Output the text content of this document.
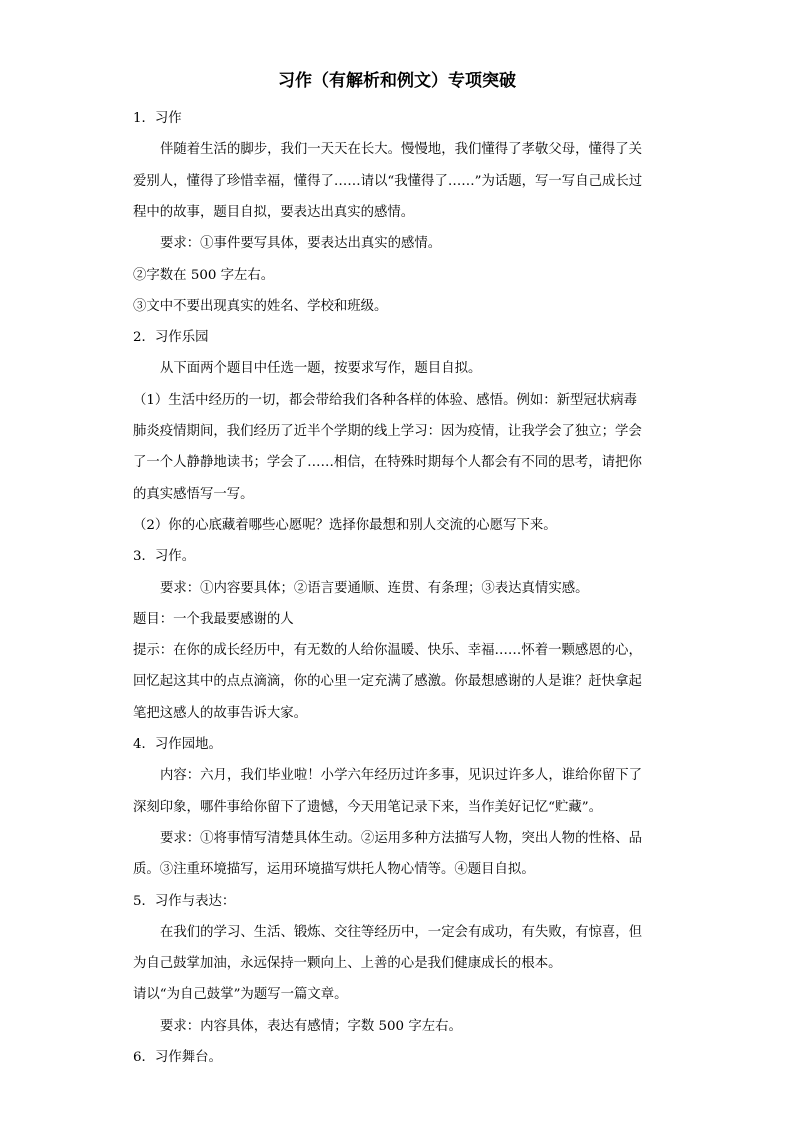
习作（有解析和例文）专项突破
1．习作
伴随着生活的脚步，我们一天天在长大。慢慢地，我们懂得了孝敬父母，懂得了关
爱别人，懂得了珍惜幸福，懂得了……请以“我懂得了……”为话题，写一写自己成长过
程中的故事，题目自拟，要表达出真实的感情。
要求：①事件要写具体，要表达出真实的感情。
②字数在 500 字左右。
③文中不要出现真实的姓名、学校和班级。
2．习作乐园
从下面两个题目中任选一题，按要求写作，题目自拟。
（1）生活中经历的一切，都会带给我们各种各样的体验、感悟。例如：新型冠状病毒
肺炎疫情期间，我们经历了近半个学期的线上学习：因为疫情，让我学会了独立；学会
了一个人静静地读书；学会了……相信，在特殊时期每个人都会有不同的思考，请把你
的真实感悟写一写。
（2）你的心底藏着哪些心愿呢？选择你最想和别人交流的心愿写下来。
3．习作。
要求：①内容要具体；②语言要通顺、连贯、有条理；③表达真情实感。
题目：一个我最要感谢的人
提示：在你的成长经历中，有无数的人给你温暖、快乐、幸福……怀着一颗感恩的心，
回忆起这其中的点点滴滴，你的心里一定充满了感激。你最想感谢的人是谁？赶快拿起
笔把这感人的故事告诉大家。
4．习作园地。
内容：六月，我们毕业啦！小学六年经历过许多事，见识过许多人，谁给你留下了
深刻印象，哪件事给你留下了遗憾，今天用笔记录下来，当作美好记忆“贮藏”。
要求：①将事情写清楚具体生动。②运用多种方法描写人物，突出人物的性格、品
质。③注重环境描写，运用环境描写烘托人物心情等。④题目自拟。
5．习作与表达：
在我们的学习、生活、锻炼、交往等经历中，一定会有成功，有失败，有惊喜，但
为自己鼓掌加油，永远保持一颗向上、上善的心是我们健康成长的根本。
请以“为自己鼓掌”为题写一篇文章。
要求：内容具体，表达有感情；字数 500 字左右。
6．习作舞台。
